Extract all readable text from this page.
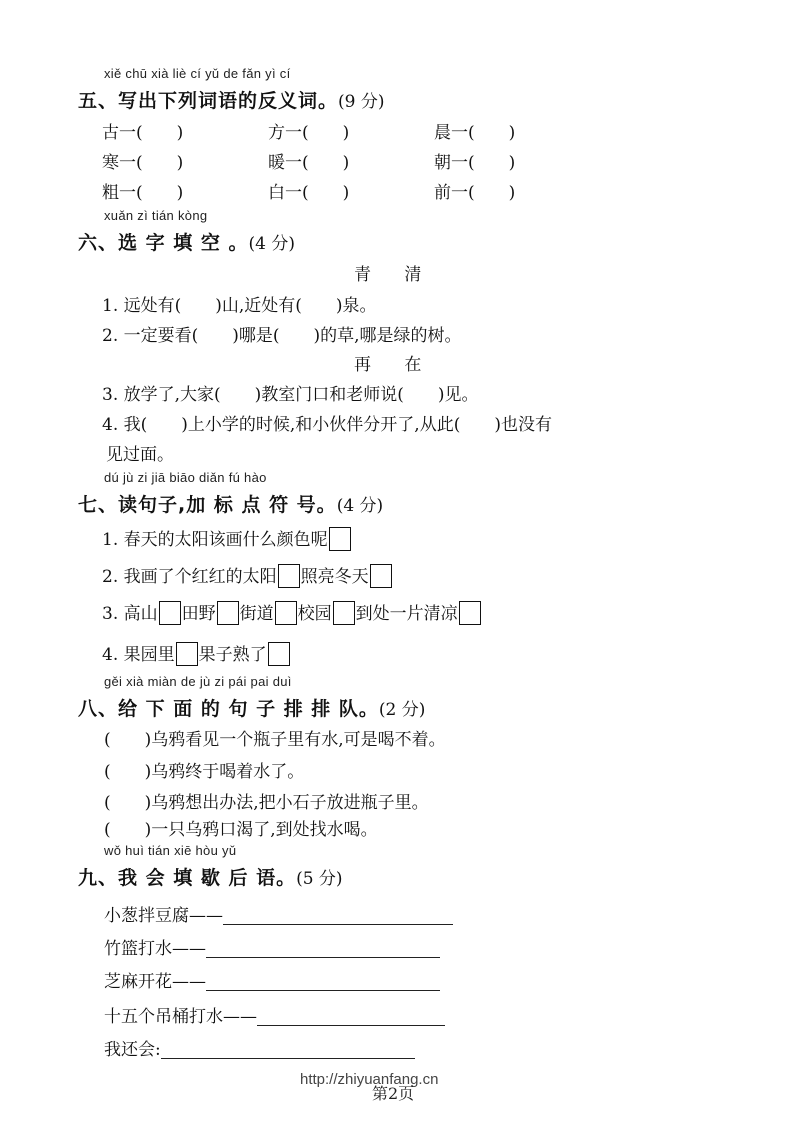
xiě chū xià liè cí yǔ de fǎn yì cí
五、写出下列词语的反义词。(9 分)
古一(　　)	方一(　　)	晨一(　　)
寒一(　　)	暖一(　　)	朝一(　　)
粗一(　　)	白一(　　)	前一(　　)
xuǎn zì tián kòng
六、选 字 填 空 。(4 分)
青 清
1. 远处有(　　)山,近处有(　　)泉。
2. 一定要看(　　)哪是(　　)的草,哪是绿的树。
再 在
3. 放学了,大家(　　)教室门口和老师说(　　)见。
4. 我(　　)上小学的时候,和小伙伴分开了,从此(　　)也没有
见过面。
dú jù zi jiā biāo diǎn fú hào
七、读句子,加 标 点 符 号。(4 分)
1. 春天的太阳该画什么颜色呢
2. 我画了个红红的太阳 照亮冬天
3. 高山 田野 街道 校园 到处一片清凉
4. 果园里 果子熟了
gěi xià miàn de jù zi pái pai duì
八、给 下 面 的 句 子 排 排 队。(2 分)
(　　)乌鸦看见一个瓶子里有水,可是喝不着。
(　　)乌鸦终于喝着水了。
(　　)乌鸦想出办法,把小石子放进瓶子里。
(　　)一只乌鸦口渴了,到处找水喝。
wǒ huì tián xiē hòu yǔ
九、我 会 填 歇 后 语。(5 分)
小葱拌豆腐——
竹篮打水——
芝麻开花——
十五个吊桶打水——
我还会:
http://zhiyuanfang.cn
第2页
